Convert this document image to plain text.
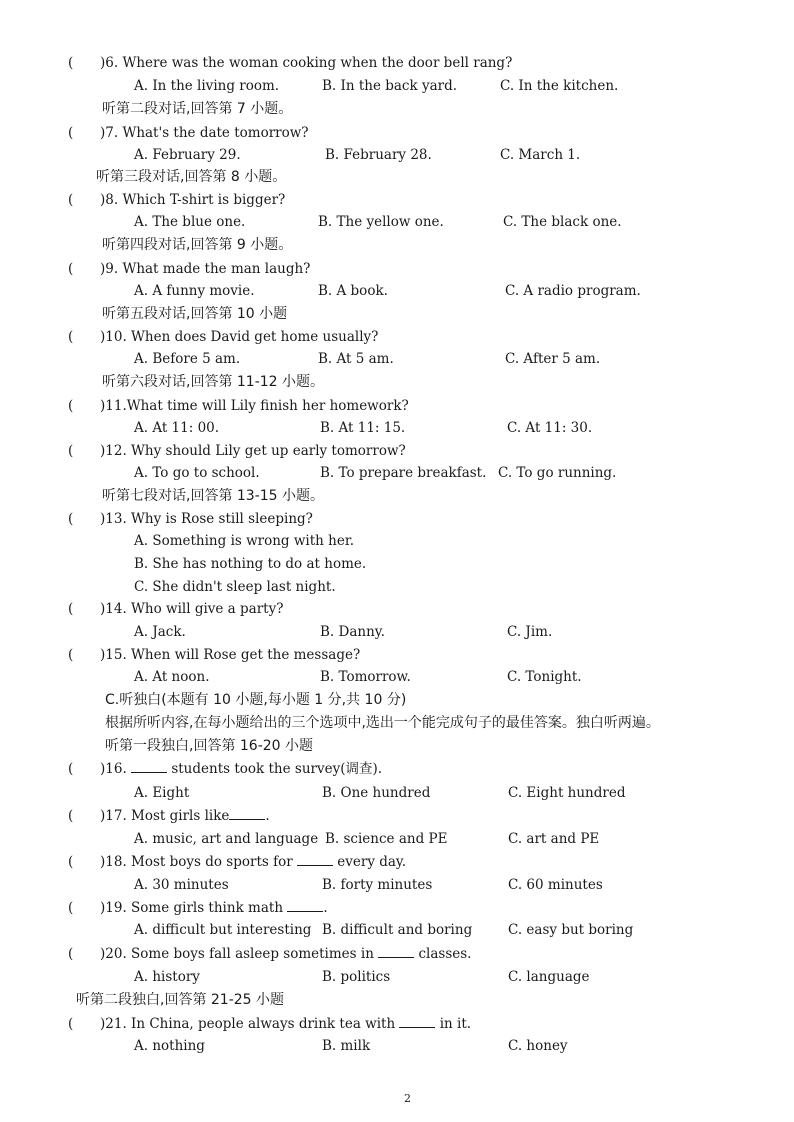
( )6. Where was the woman cooking when the door bell rang?
A. In the living room.	B. In the back yard.	C. In the kitchen.
听第二段对话,回答第 7 小题。
( )7. What's the date tomorrow?
A. February 29.	B. February 28.	C. March 1.
听第三段对话,回答第 8 小题。
( )8. Which T-shirt is bigger?
A. The blue one.	B. The yellow one.	C. The black one.
听第四段对话,回答第 9 小题。
( )9. What made the man laugh?
A. A funny movie.	B. A book.	C. A radio program.
听第五段对话,回答第 10 小题
( )10. When does David get home usually?
A. Before 5 am.	B. At 5 am.	C. After 5 am.
听第六段对话,回答第 11-12 小题。
( )11.What time will Lily finish her homework?
A. At 11: 00.	B. At 11: 15.	C. At 11: 30.
( )12. Why should Lily get up early tomorrow?
A. To go to school.	B. To prepare breakfast. C. To go running.
听第七段对话,回答第 13-15 小题。
( )13. Why is Rose still sleeping?
A. Something is wrong with her.
B. She has nothing to do at home.
C. She didn't sleep last night.
( )14. Who will give a party?
A. Jack.	B. Danny.	C. Jim.
( )15. When will Rose get the message?
A. At noon.	B. Tomorrow.	C. Tonight.
C.听独白(本题有 10 小题,每小题 1 分,共 10 分)
根据所听内容,在每小题给出的三个选项中,选出一个能完成句子的最佳答案。独白听两遍。
听第一段独白,回答第 16-20 小题
( )16.	students took the survey(调查).
A. Eight	B. One hundred	C. Eight hundred
( )17. Most girls like	.
A. music, art and language B. science and PE	C. art and PE
( )18. Most boys do sports for	every day.
A. 30 minutes	B. forty minutes	C. 60 minutes
( )19. Some girls think math	.
A. difficult but interesting B. difficult and boring	C. easy but boring
( )20. Some boys fall asleep sometimes in	classes.
A. history	B. politics	C. language
听第二段独白,回答第 21-25 小题
( )21. In China, people always drink tea with	in it.
A. nothing	B. milk	C. honey
2
